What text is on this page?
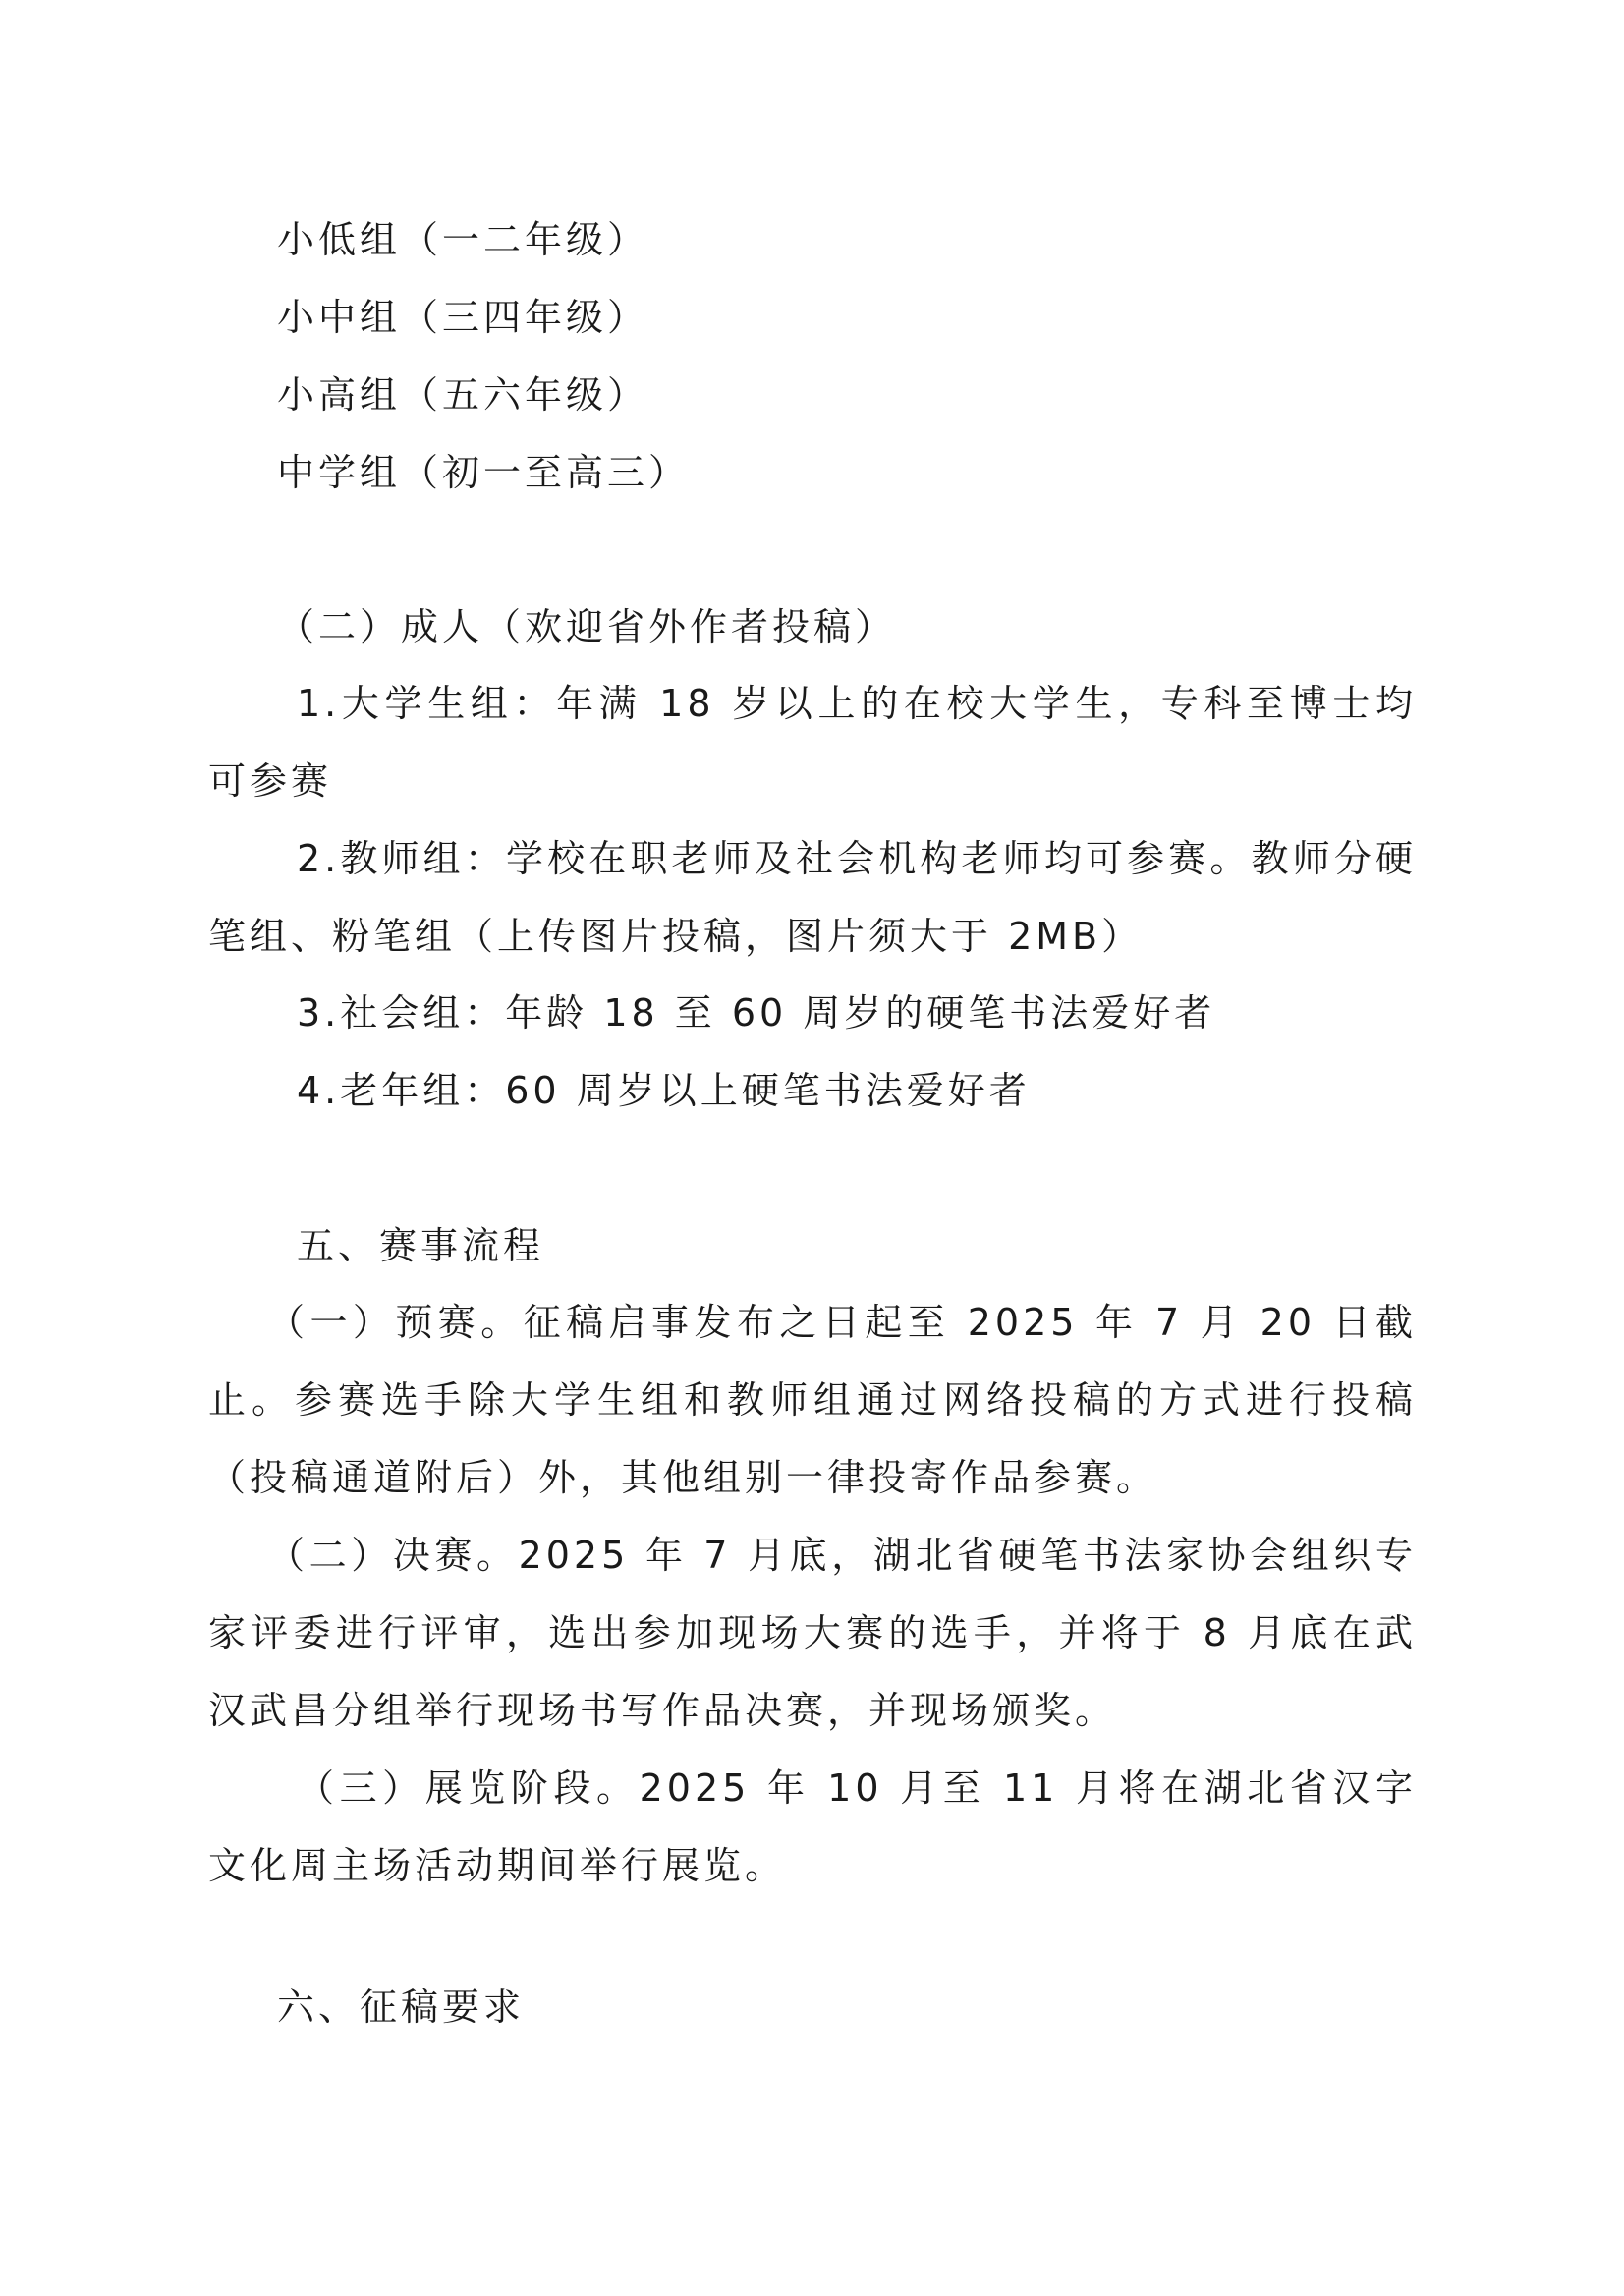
小低组（一二年级）
小中组（三四年级）
小高组（五六年级）
中学组（初一至高三）
（二）成人（欢迎省外作者投稿）
1.大学生组：年满 18 岁以上的在校大学生，专科至博士均可参赛
2.教师组：学校在职老师及社会机构老师均可参赛。教师分硬笔组、粉笔组（上传图片投稿，图片须大于 2MB）
3.社会组：年龄 18 至 60 周岁的硬笔书法爱好者
4.老年组：60 周岁以上硬笔书法爱好者
五、赛事流程
（一）预赛。征稿启事发布之日起至 2025 年 7 月 20 日截止。参赛选手除大学生组和教师组通过网络投稿的方式进行投稿（投稿通道附后）外，其他组别一律投寄作品参赛。
（二）决赛。2025 年 7 月底，湖北省硬笔书法家协会组织专家评委进行评审，选出参加现场大赛的选手，并将于 8 月底在武汉武昌分组举行现场书写作品决赛，并现场颁奖。
（三）展览阶段。2025 年 10 月至 11 月将在湖北省汉字文化周主场活动期间举行展览。
六、征稿要求
